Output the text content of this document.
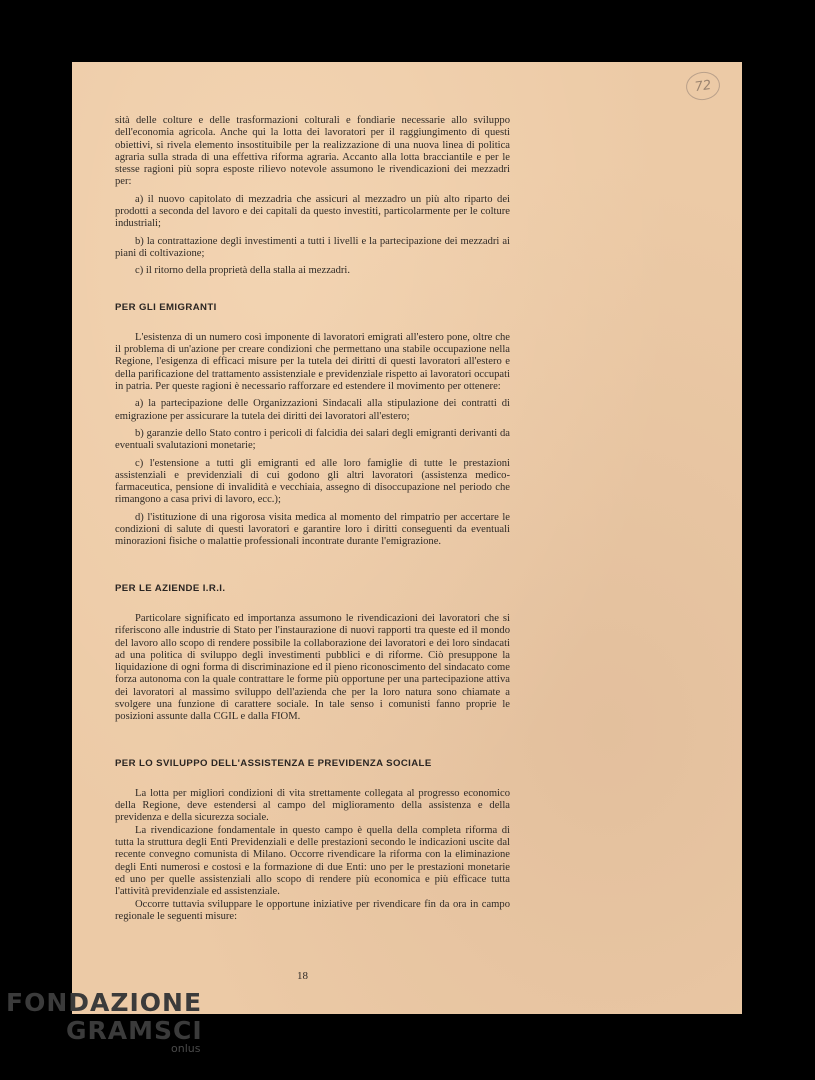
72

sità delle colture e delle trasformazioni colturali e fondiarie necessarie allo sviluppo dell'economia agricola. Anche qui la lotta dei lavoratori per il raggiungimento di questi obiettivi, si rivela elemento insostituibile per la realizzazione di una nuova linea di politica agraria sulla strada di una effettiva riforma agraria. Accanto alla lotta bracciantile e per le stesse ragioni più sopra esposte rilievo notevole assumono le rivendicazioni dei mezzadri per:

a) il nuovo capitolato di mezzadria che assicuri al mezzadro un più alto riparto dei prodotti a seconda del lavoro e dei capitali da questo investiti, particolarmente per le colture industriali;

b) la contrattazione degli investimenti a tutti i livelli e la partecipazione dei mezzadri ai piani di coltivazione;

c) il ritorno della proprietà della stalla ai mezzadri.

PER GLI EMIGRANTI

L'esistenza di un numero così imponente di lavoratori emigrati all'estero pone, oltre che il problema di un'azione per creare condizioni che permettano una stabile occupazione nella Regione, l'esigenza di efficaci misure per la tutela dei diritti di questi lavoratori all'estero e della parificazione del trattamento assistenziale e previdenziale rispetto ai lavoratori occupati in patria. Per queste ragioni è necessario rafforzare ed estendere il movimento per ottenere:

a) la partecipazione delle Organizzazioni Sindacali alla stipulazione dei contratti di emigrazione per assicurare la tutela dei diritti dei lavoratori all'estero;

b) garanzie dello Stato contro i pericoli di falcidia dei salari degli emigranti derivanti da eventuali svalutazioni monetarie;

c) l'estensione a tutti gli emigranti ed alle loro famiglie di tutte le prestazioni assistenziali e previdenziali di cui godono gli altri lavoratori (assistenza medico-farmaceutica, pensione di invalidità e vecchiaia, assegno di disoccupazione nel periodo che rimangono a casa privi di lavoro, ecc.);

d) l'istituzione di una rigorosa visita medica al momento del rimpatrio per accertare le condizioni di salute di questi lavoratori e garantire loro i diritti conseguenti da eventuali minorazioni fisiche o malattie professionali incontrate durante l'emigrazione.

PER LE AZIENDE I.R.I.

Particolare significato ed importanza assumono le rivendicazioni dei lavoratori che si riferiscono alle industrie di Stato per l'instaurazione di nuovi rapporti tra queste ed il mondo del lavoro allo scopo di rendere possibile la collaborazione dei lavoratori e dei loro sindacati ad una politica di sviluppo degli investimenti pubblici e di riforme. Ciò presuppone la liquidazione di ogni forma di discriminazione ed il pieno riconoscimento del sindacato come forza autonoma con la quale contrattare le forme più opportune per una partecipazione attiva dei lavoratori al massimo sviluppo dell'azienda che per la loro natura sono chiamate a svolgere una funzione di carattere sociale. In tale senso i comunisti fanno proprie le posizioni assunte dalla CGIL e dalla FIOM.

PER LO SVILUPPO DELL'ASSISTENZA E PREVIDENZA SOCIALE

La lotta per migliori condizioni di vita strettamente collegata al progresso economico della Regione, deve estendersi al campo del miglioramento della assistenza e della previdenza e della sicurezza sociale.

La rivendicazione fondamentale in questo campo è quella della completa riforma di tutta la struttura degli Enti Previdenziali e delle prestazioni secondo le indicazioni uscite dal recente convegno comunista di Milano. Occorre rivendicare la riforma con la eliminazione degli Enti numerosi e costosi e la formazione di due Enti: uno per le prestazioni monetarie ed uno per quelle assistenziali allo scopo di rendere più economica e più efficace tutta l'attività previdenziale ed assistenziale.

Occorre tuttavia sviluppare le opportune iniziative per rivendicare fin da ora in campo regionale le seguenti misure:

18
FONDAZIONE
GRAMSCI
onlus
